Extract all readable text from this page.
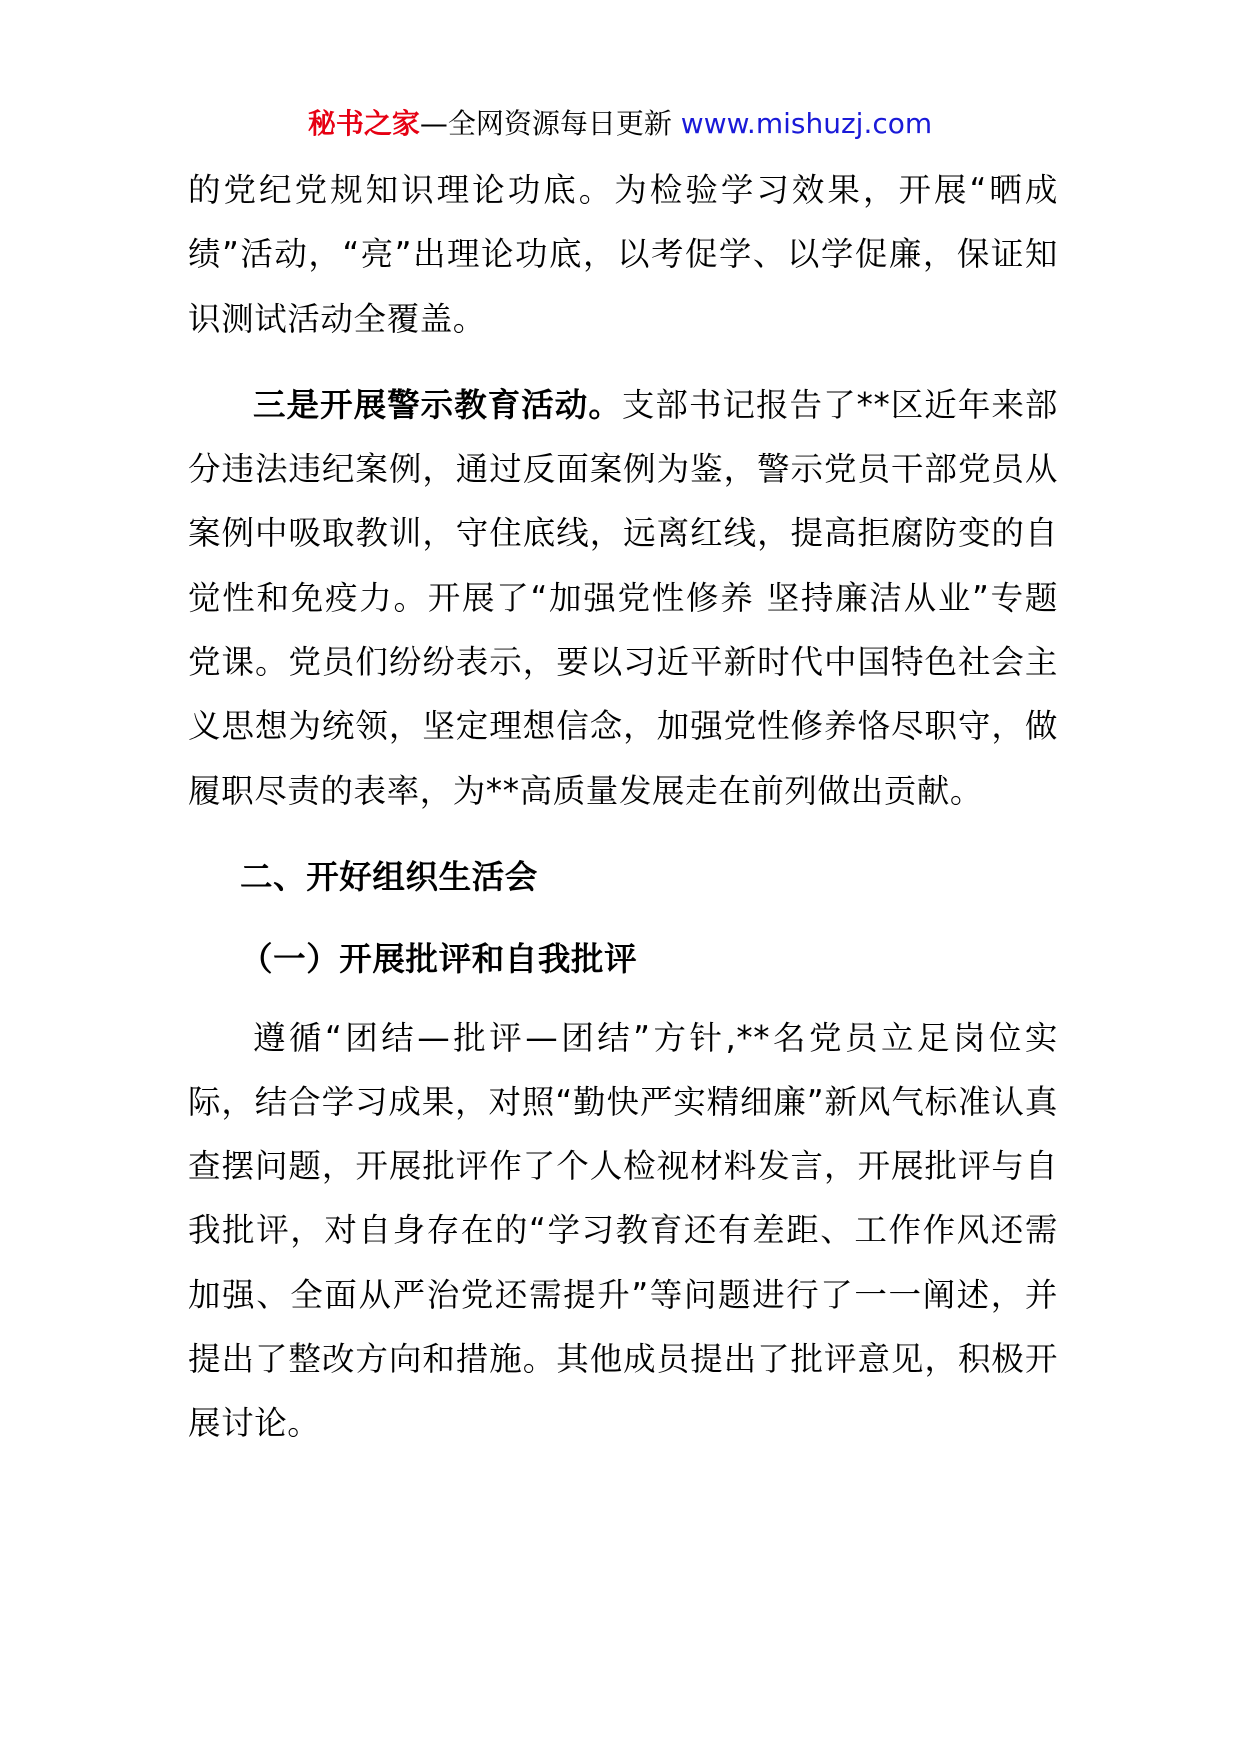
秘书之家—全网资源每日更新 www.mishuzj.com

的党纪党规知识理论功底。为检验学习效果，开展“晒成绩”活动，“亮”出理论功底，以考促学、以学促廉，保证知识测试活动全覆盖。

三是开展警示教育活动。支部书记报告了**区近年来部分违法违纪案例，通过反面案例为鉴，警示党员干部党员从案例中吸取教训，守住底线，远离红线，提高拒腐防变的自觉性和免疫力。开展了“加强党性修养 坚持廉洁从业”专题党课。党员们纷纷表示，要以习近平新时代中国特色社会主义思想为统领，坚定理想信念，加强党性修养恪尽职守，做履职尽责的表率，为**高质量发展走在前列做出贡献。

二、开好组织生活会

（一）开展批评和自我批评

遵循“团结—批评—团结”方针,**名党员立足岗位实际，结合学习成果，对照“勤快严实精细廉”新风气标准认真查摆问题，开展批评作了个人检视材料发言，开展批评与自我批评，对自身存在的“学习教育还有差距、工作作风还需加强、全面从严治党还需提升”等问题进行了一一阐述，并提出了整改方向和措施。其他成员提出了批评意见，积极开展讨论。
